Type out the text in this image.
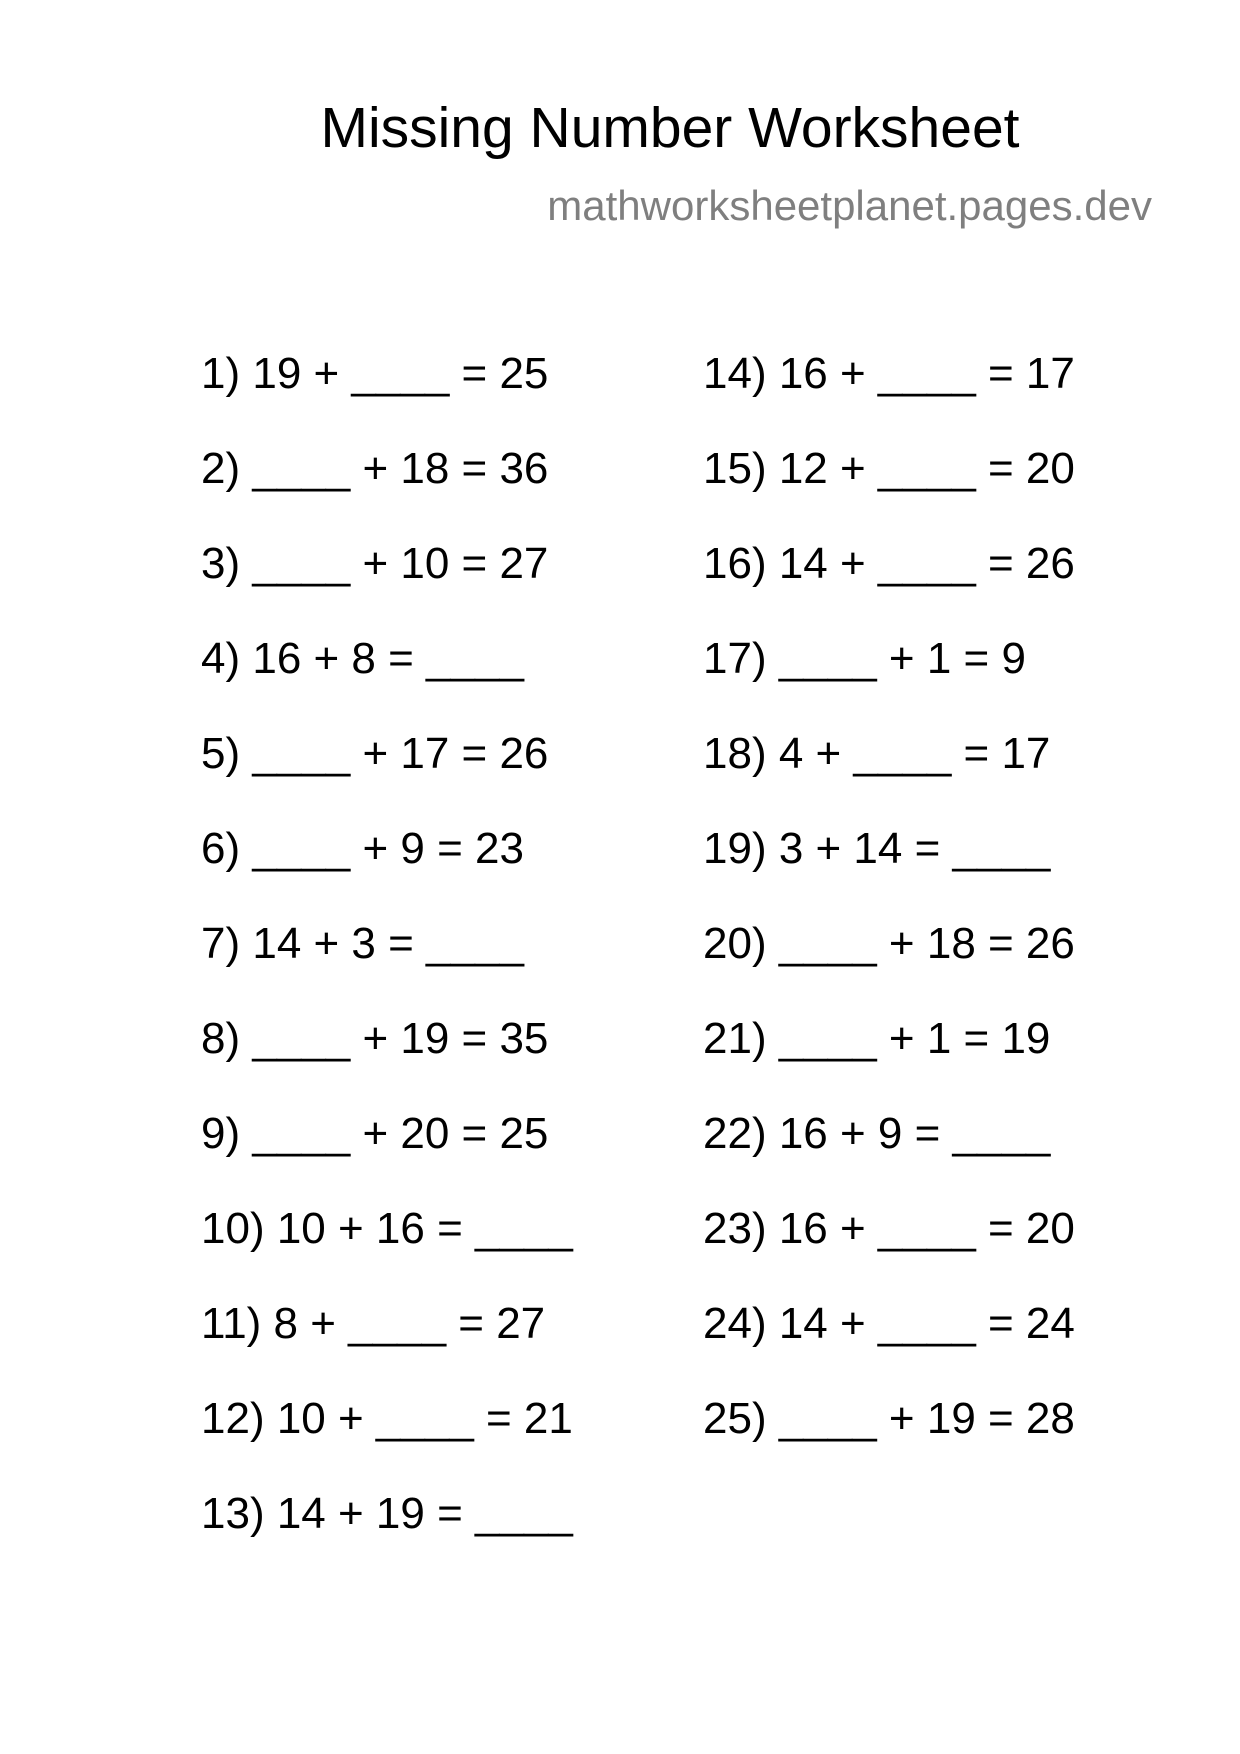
Missing Number Worksheet
mathworksheetplanet.pages.dev
1) 19 + ____ = 25
2) ____ + 18 = 36
3) ____ + 10 = 27
4) 16 + 8 = ____
5) ____ + 17 = 26
6) ____ + 9 = 23
7) 14 + 3 = ____
8) ____ + 19 = 35
9) ____ + 20 = 25
10) 10 + 16 = ____
11) 8 + ____ = 27
12) 10 + ____ = 21
13) 14 + 19 = ____
14) 16 + ____ = 17
15) 12 + ____ = 20
16) 14 + ____ = 26
17) ____ + 1 = 9
18) 4 + ____ = 17
19) 3 + 14 = ____
20) ____ + 18 = 26
21) ____ + 1 = 19
22) 16 + 9 = ____
23) 16 + ____ = 20
24) 14 + ____ = 24
25) ____ + 19 = 28
